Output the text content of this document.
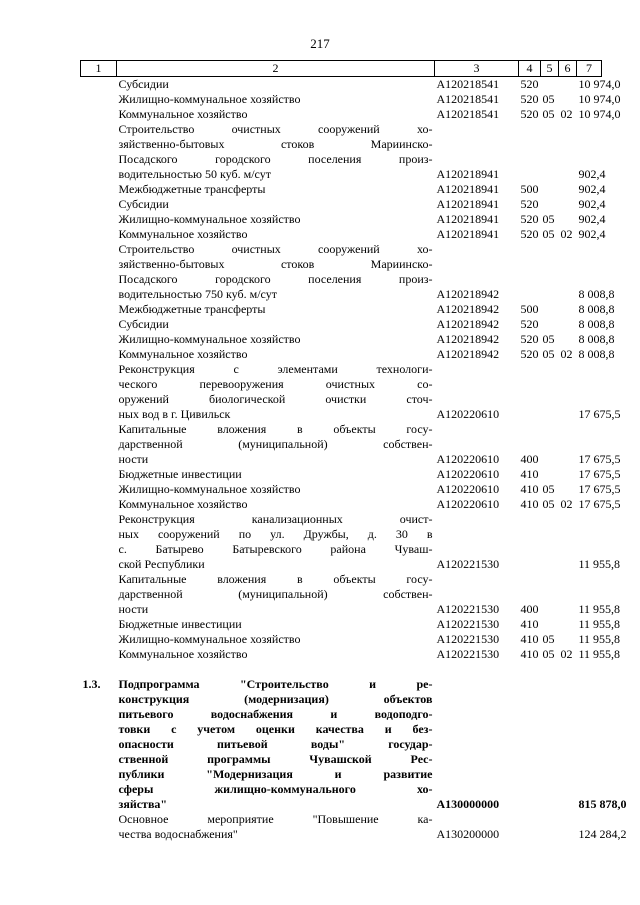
217
1	2	3	4	5	6	7
	Субсидии	A120218541	520			10 974,0
	Жилищно-коммунальное хозяйство	A120218541	520	05		10 974,0
	Коммунальное хозяйство	A120218541	520	05	02	10 974,0
	Строительство очистных сооружений хо-					
	зяйственно-бытовых стоков Мариинско-					
	Посадского городского поселения произ-					
	водительностью 50 куб. м/сут	A120218941				902,4
	Межбюджетные трансферты	A120218941	500			902,4
	Субсидии	A120218941	520			902,4
	Жилищно-коммунальное хозяйство	A120218941	520	05		902,4
	Коммунальное хозяйство	A120218941	520	05	02	902,4
	Строительство очистных сооружений хо-					
	зяйственно-бытовых стоков Мариинско-					
	Посадского городского поселения произ-					
	водительностью 750 куб. м/сут	A120218942				8 008,8
	Межбюджетные трансферты	A120218942	500			8 008,8
	Субсидии	A120218942	520			8 008,8
	Жилищно-коммунальное хозяйство	A120218942	520	05		8 008,8
	Коммунальное хозяйство	A120218942	520	05	02	8 008,8
	Реконструкция с элементами технологи-					
	ческого перевооружения очистных со-					
	оружений биологической очистки сточ-					
	ных вод в г. Цивильск	A120220610				17 675,5
	Капитальные вложения в объекты госу-					
	дарственной (муниципальной) собствен-					
	ности	A120220610	400			17 675,5
	Бюджетные инвестиции	A120220610	410			17 675,5
	Жилищно-коммунальное хозяйство	A120220610	410	05		17 675,5
	Коммунальное хозяйство	A120220610	410	05	02	17 675,5
	Реконструкция канализационных очист-					
	ных сооружений по ул. Дружбы, д. 30 в					
	с. Батырево Батыревского района Чуваш-					
	ской Республики	A120221530				11 955,8
	Капитальные вложения в объекты госу-					
	дарственной (муниципальной) собствен-					
	ности	A120221530	400			11 955,8
	Бюджетные инвестиции	A120221530	410			11 955,8
	Жилищно-коммунальное хозяйство	A120221530	410	05		11 955,8
	Коммунальное хозяйство	A120221530	410	05	02	11 955,8

1.3.	Подпрограмма "Строительство и ре-					
	конструкция (модернизация) объектов					
	питьевого водоснабжения и водоподго-					
	товки с учетом оценки качества и без-					
	опасности питьевой воды" государ-					
	ственной программы Чувашской Рес-					
	публики "Модернизация и развитие					
	сферы жилищно-коммунального хо-					
	зяйства"	A130000000				815 878,0
	Основное мероприятие "Повышение ка-					
	чества водоснабжения"	A130200000				124 284,2
